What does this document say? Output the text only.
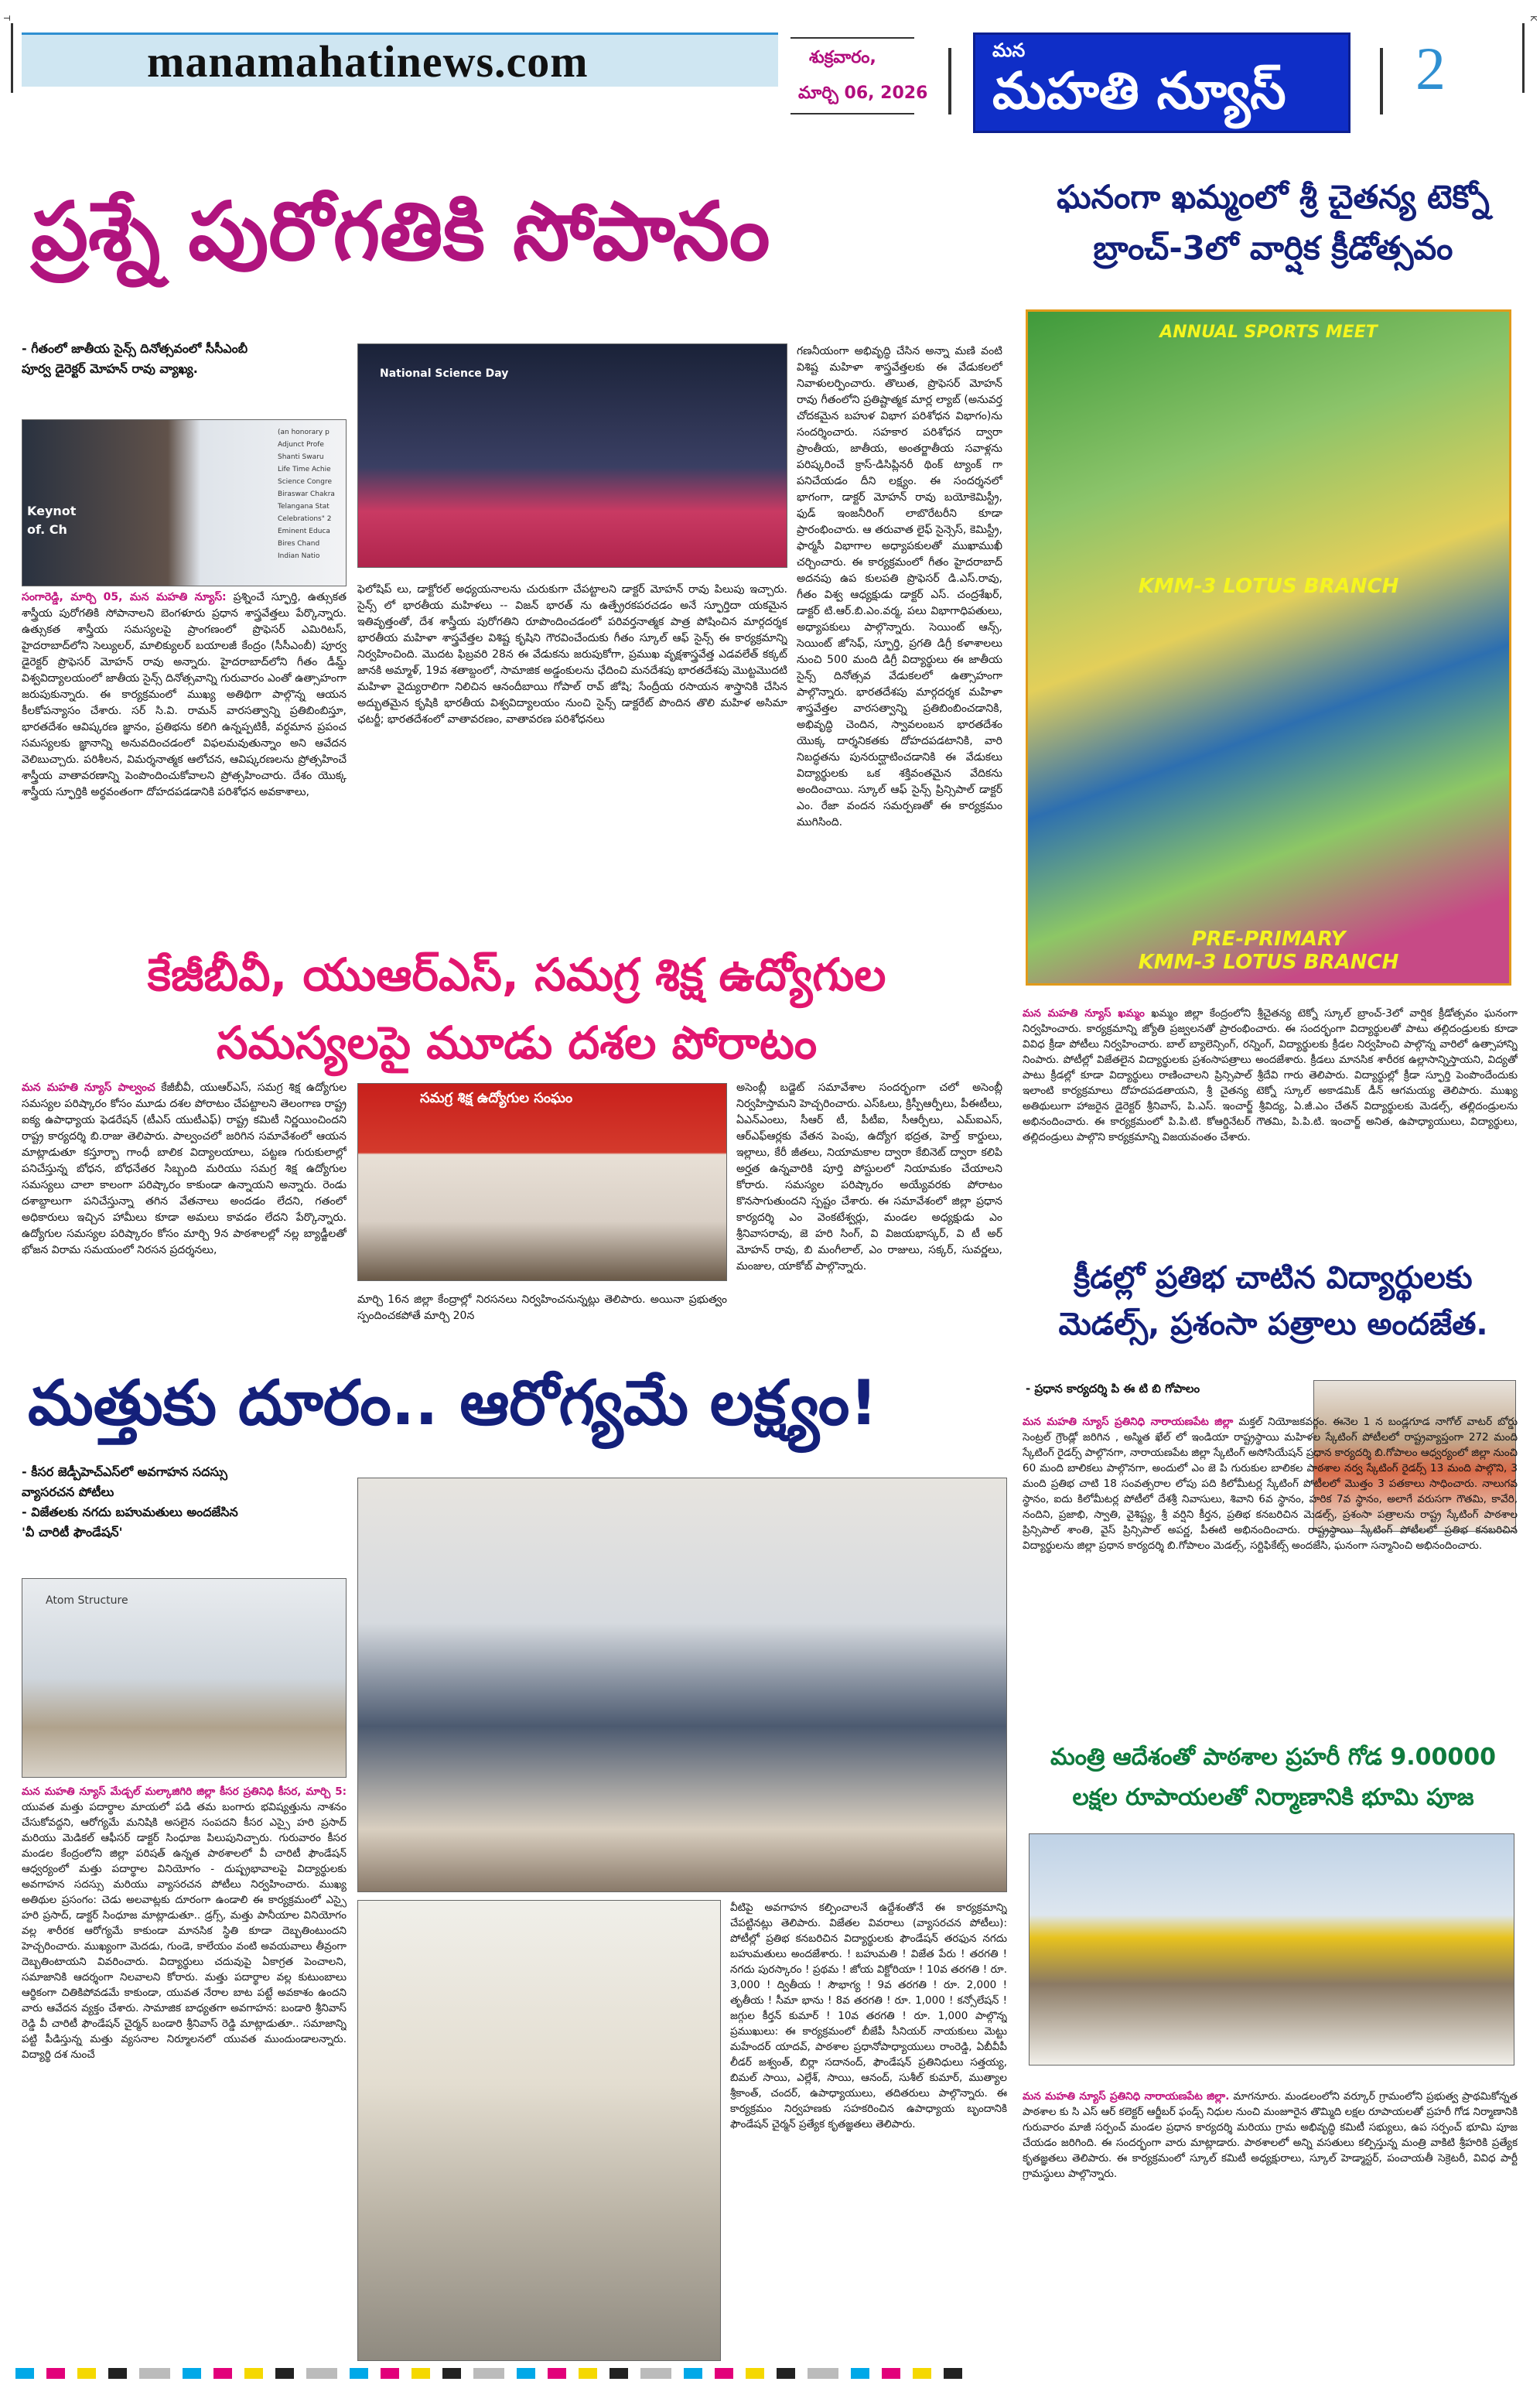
T	K
manamahatinews.com	శుక్రవారం,
మార్చి 06, 2026
మన
మహతి న్యూస్ 2
ప్రశ్నే పురోగతికి సోపానం
- గీతంలో జాతీయ సైన్స్ దినోత్సవంలో సీసీఎంబీ
పూర్వ డైరెక్టర్ మోహన్ రావు వ్యాఖ్య.
Keynot
of. Ch
(an honorary p
Adjunct Profe
Shanti Swaru
Life Time Achie
Science Congre
Biraswar Chakra
Telangana Stat
Celebrations" 2
Eminent Educa
Bires Chand
Indian Natio
సంగారెడ్డి, మార్చి 05, మన మహతి న్యూస్: ప్రశ్నించే స్ఫూర్తి, ఉత్సుకత శాస్త్రీయ పురోగతికి సోపానాలని బెంగళూరు ప్రధాన శాస్త్రవేత్తలు పేర్కొన్నారు. ఉత్సుకత శాస్త్రీయ సమస్యలపై ప్రాంగణంలో ప్రొఫెసర్ ఎమిరిటస్, హైదరాబాద్‌లోని సెల్యులర్, మాలిక్యులర్ బయాలజీ కేంద్రం (సీసీఎంబీ) పూర్వ డైరెక్టర్ ప్రొఫెసర్ మోహన్ రావు అన్నారు. హైదరాబాద్‌లోని గీతం డీమ్డ్ విశ్వవిద్యాలయంలో జాతీయ సైన్స్ దినోత్సవాన్ని గురువారం ఎంతో ఉత్సాహంగా జరుపుకున్నారు. ఈ కార్యక్రమంలో ముఖ్య అతిథిగా పాల్గొన్న ఆయన కీలకోపన్యాసం చేశారు. సర్ సి.వి. రామన్ వారసత్వాన్ని ప్రతిబింబిస్తూ, భారతదేశం ఆవిష్కరణ జ్ఞానం, ప్రతిభను కలిగి ఉన్నప్పటికీ, వర్ధమాన ప్రపంచ సమస్యలకు జ్ఞానాన్ని అనువదించడంలో విఫలమవుతున్నాం అని ఆవేదన వెలిబుచ్చారు. పరిశీలన, విమర్శనాత్మక ఆలోచన, ఆవిష్కరణలను ప్రోత్సహించే శాస్త్రీయ వాతావరణాన్ని పెంపొందించుకోవాలని ప్రోత్సహించారు. దేశం యొక్క శాస్త్రీయ స్ఫూర్తికి అర్థవంతంగా దోహదపడడానికి పరిశోధన అవకాశాలు,
National Science Day
ఫెలోషిప్ లు, డాక్టోరల్ అధ్యయనాలను చురుకుగా చేపట్టాలని డాక్టర్ మోహన్ రావు పిలుపు ఇచ్చారు. సైన్స్ లో భారతీయ మహిళలు -- విజన్ భారత్ ను ఉత్ప్రేరకపరచడం అనే స్ఫూర్తిదా యకమైన ఇతివృత్తంతో, దేశ శాస్త్రీయ పురోగతిని రూపొందించడంలో పరివర్తనాత్మక పాత్ర పోషించిన మార్గదర్శక భారతీయ మహిళా శాస్త్రవేత్తల విశిష్ట కృషిని గౌరవించేందుకు గీతం స్కూల్ ఆఫ్ సైన్స్ ఈ కార్యక్రమాన్ని నిర్వహించింది. మొదట ఫిబ్రవరి 28న ఈ వేడుకను జరుపుకోగా, ప్రముఖ వృక్షశాస్త్రవేత్త ఎడవలేత్ కక్కట్ జానకి అమ్మాళ్, 19వ శతాబ్దంలో, సామాజిక అడ్డంకులను ఛేదించి మనదేశపు భారతదేశపు మొట్టమొదటి మహిళా వైద్యురాలిగా నిలిచిన ఆనందీబాయి గోపాల్ రావ్ జోషి; సేంద్రీయ రసాయన శాస్త్రానికి చేసిన అద్భుతమైన కృషికి భారతీయ విశ్వవిద్యాలయం నుంచి సైన్స్ డాక్టరేట్ పొందిన తొలి మహిళ అసిమా ఛటర్జీ; భారతదేశంలో వాతావరణం, వాతావరణ పరిశోధనలు
గణనీయంగా అభివృద్ధి చేసిన అన్నా మణి వంటి విశిష్ట మహిళా శాస్త్రవేత్తలకు ఈ వేడుకలలో నివాళులర్పించారు. తొలుత, ప్రొఫెసర్ మోహన్ రావు గీతంలోని ప్రతిష్టాత్మక మార్ల ల్యాబ్ (అనువర్త చోదకమైన బహుళ విభాగ పరిశోధన విభాగం)ను సందర్శించారు. సహకార పరిశోధన ద్వారా ప్రాంతీయ, జాతీయ, అంతర్జాతీయ సవాళ్లను పరిష్కరించే క్రాస్-డిసిప్లినరీ థింక్ ట్యాంక్ గా పనిచేయడం దీని లక్ష్యం. ఈ సందర్శనలో భాగంగా, డాక్టర్ మోహన్ రావు బయోకెమిస్ట్రీ, ఫుడ్ ఇంజనీరింగ్ లాబొరేటరీని కూడా ప్రారంభించారు. ఆ తరువాత లైఫ్ సైన్సెస్, కెమిస్ట్రీ, ఫార్మసీ విభాగాల అధ్యాపకులతో ముఖాముఖీ చర్చించారు. ఈ కార్యక్రమంలో గీతం హైదరాబాద్ అదనపు ఉప కులపతి ప్రొఫెసర్ డి.ఎస్.రావు, గీతం విశ్వ ఆధ్యక్షుడు డాక్టర్ ఎస్. చంద్రశేఖర్, డాక్టర్ టి.ఆర్.బి.ఎం.వర్మ, పలు విభాగాధిపతులు, అధ్యాపకులు పాల్గొన్నారు. సెయింట్ ఆన్స్, సెయింట్ జోసెఫ్, స్ఫూర్తి, ప్రగతి డిగ్రీ కళాశాలలు నుంచి 500 మంది డిగ్రీ విద్యార్థులు ఈ జాతీయ సైన్స్ దినోత్సవ వేడుకలలో ఉత్సాహంగా పాల్గొన్నారు. భారతదేశపు మార్గదర్శక మహిళా శాస్త్రవేత్తల వారసత్వాన్ని ప్రతిబింబించడానికి, అభివృద్ధి చెందిన, స్వావలంబన భారతదేశం యొక్క దార్శనికతకు దోహదపడటానికి, వారి నిబద్ధతను పునరుద్ఘాటించడానికి ఈ వేడుకలు విద్యార్థులకు ఒక శక్తివంతమైన వేదికను అందించాయి. స్కూల్ ఆఫ్ సైన్స్ ప్రిన్సిపాల్ డాక్టర్ ఎం. రేజా వందన సమర్పణతో ఈ కార్యక్రమం ముగిసింది.
ఘనంగా ఖమ్మంలో శ్రీ చైతన్య టెక్నో
బ్రాంచ్-3లో వార్షిక క్రీడోత్సవం
ANNUAL SPORTS MEET
KMM-3 LOTUS BRANCH
PRE-PRIMARY
KMM-3 LOTUS BRANCH
మన మహతి న్యూస్ ఖమ్మం ఖమ్మం జిల్లా కేంద్రంలోని శ్రీచైతన్య టెక్నో స్కూల్ బ్రాంచ్-3లో వార్షిక క్రీడోత్సవం ఘనంగా నిర్వహించారు. కార్యక్రమాన్ని జ్యోతి ప్రజ్వలనతో ప్రారంభించారు. ఈ సందర్భంగా విద్యార్థులతో పాటు తల్లిదండ్రులకు కూడా వివిధ క్రీడా పోటీలు నిర్వహించారు. బాల్ బ్యాలెన్సింగ్, రన్నింగ్, విద్యార్థులకు క్రీడల నిర్వహించి పాల్గొన్న వారిలో ఉత్సాహాన్ని నింపారు. పోటీల్లో విజేతలైన విద్యార్థులకు ప్రశంసాపత్రాలు అందజేశారు. క్రీడలు మానసిక శారీరక ఉల్లాసాన్నిస్తాయని, విద్యతో పాటు క్రీడల్లో కూడా విద్యార్థులు రాణించాలని ప్రిన్సిపాల్ శ్రీదేవి గారు తెలిపారు. విద్యార్థుల్లో క్రీడా స్ఫూర్తి పెంపొందేందుకు ఇలాంటి కార్యక్రమాలు దోహదపడతాయని, శ్రీ చైతన్య టెక్నో స్కూల్ అకాడమిక్ డీన్ ఆగమయ్య తెలిపారు. ముఖ్య అతిథులుగా హాజరైన డైరెక్టర్ శ్రీనివాస్, పి.ఎస్. ఇంచార్జ్ శ్రీవిద్య, ఏ.జీ.ఎం చేతన్ విద్యార్థులకు మెడల్స్, తల్లిదండ్రులను అభినందించారు. ఈ కార్యక్రమంలో పి.పి.టి. కోఆర్డినేటర్ గౌతమి, పి.పి.టి. ఇంచార్జ్ అనిత, ఉపాధ్యాయులు, విద్యార్థులు, తల్లిదండ్రులు పాల్గొని కార్యక్రమాన్ని విజయవంతం చేశారు.
క్రీడల్లో ప్రతిభ చాటిన విద్యార్థులకు
మెడల్స్, ప్రశంసా పత్రాలు అందజేత.
కేజీబీవీ, యుఆర్ఎస్, సమగ్ర శిక్ష ఉద్యోగుల
సమస్యలపై మూడు దశల పోరాటం
మన మహతి న్యూస్ పాల్వంచ కేజీబీవీ, యుఆర్ఎస్, సమగ్ర శిక్ష ఉద్యోగుల సమస్యల పరిష్కారం కోసం మూడు దశల పోరాటం చేపట్టాలని తెలంగాణ రాష్ట్ర ఐక్య ఉపాధ్యాయ ఫెడరేషన్ (టీఎస్ యుటీఎఫ్) రాష్ట్ర కమిటీ నిర్ణయించిందని రాష్ట్ర కార్యదర్శి బి.రాజు తెలిపారు. పాల్వంచలో జరిగిన సమావేశంలో ఆయన మాట్లాడుతూ కస్తూర్బా గాంధీ బాలిక విద్యాలయాలు, పట్టణ గురుకులాల్లో పనిచేస్తున్న బోధన, బోధనేతర సిబ్బంది మరియు సమగ్ర శిక్ష ఉద్యోగుల సమస్యలు చాలా కాలంగా పరిష్కారం కాకుండా ఉన్నాయని అన్నారు. రెండు దశాబ్దాలుగా పనిచేస్తున్నా తగిన వేతనాలు అందడం లేదని, గతంలో అధికారులు ఇచ్చిన హామీలు కూడా అమలు కావడం లేదని పేర్కొన్నారు. ఉద్యోగుల సమస్యల పరిష్కారం కోసం మార్చి 9న పాఠశాలల్లో నల్ల బ్యాడ్జీలతో భోజన విరామ సమయంలో నిరసన ప్రదర్శనలు,
సమగ్ర శిక్ష ఉద్యోగుల సంఘం
మార్చి 16న జిల్లా కేంద్రాల్లో నిరసనలు నిర్వహించనున్నట్లు తెలిపారు. అయినా ప్రభుత్వం స్పందించకపోతే మార్చి 20న
అసెంబ్లీ బడ్జెట్ సమావేశాల సందర్భంగా చలో అసెంబ్లీ నిర్వహిస్తామని హెచ్చరించారు. ఎస్ఓలు, క్రిస్పీఆర్పీలు, పీఈటీలు, ఏఎన్ఎంలు, సీఆర్ టీ, పీటీఐ, సీఆర్పీలు, ఎమ్ఐఎస్, ఆర్ఎఫ్ఆర్లకు వేతన పెంపు, ఉద్యోగ భద్రత, హెల్త్ కార్డులు, ఇల్లాలు, కేరీ జీతలు, నియామకాల ద్వారా కేబినెట్ ద్వారా కలిపి అర్హత ఉన్నవారికి పూర్తి పోస్టులలో నియామకం చేయాలని కోరారు. సమస్యల పరిష్కారం అయ్యేవరకు పోరాటం కొనసాగుతుందని స్పష్టం చేశారు. ఈ సమావేశంలో జిల్లా ప్రధాన కార్యదర్శి ఎం వెంకటేశ్వర్లు, మండల అధ్యక్షుడు ఎం శ్రీనివాసరావు, జె హరి సింగ్, వి విజయభాస్కర్, వి టీ అర్ మోహన్ రావు, బి మంగీలాల్, ఎం రాజులు, సక్కర్, సువర్ణలు, మంజుల, యాకోబ్ పాల్గొన్నారు.
మత్తుకు దూరం.. ఆరోగ్యమే లక్ష్యం!
- కీసర జెడ్పీహెచ్ఎస్‌లో అవగాహన సదస్సు
వ్యాసరచన పోటీలు
- విజేతలకు నగదు బహుమతులు అందజేసిన
'వీ చారిటీ ఫౌండేషన్'
Atom Structure
మన మహతి న్యూస్ మేడ్చల్ మల్కాజిగిరి జిల్లా కీసర ప్రతినిధి కీసర, మార్చి 5: యువత మత్తు పదార్థాల మాయలో పడి తమ బంగారు భవిష్యత్తును నాశనం చేసుకోవద్దని, ఆరోగ్యమే మనిషికి అసలైన సంపదని కీసర ఎస్సై హరి ప్రసాద్ మరియు మెడికల్ ఆఫీసర్ డాక్టర్ సింధూజ పిలుపునిచ్చారు. గురువారం కీసర మండల కేంద్రంలోని జిల్లా పరిషత్ ఉన్నత పాఠశాలలో వీ చారిటీ ఫౌండేషన్ ఆధ్వర్యంలో మత్తు పదార్థాల వినియోగం - దుష్ప్రభావాలపై విద్యార్థులకు అవగాహన సదస్సు మరియు వ్యాసరచన పోటీలు నిర్వహించారు. ముఖ్య అతిథుల ప్రసంగం: చెడు అలవాట్లకు దూరంగా ఉండాలి ఈ కార్యక్రమంలో ఎస్సై హరి ప్రసాద్, డాక్టర్ సింధూజ మాట్లాడుతూ.. డ్రగ్స్, మత్తు పానీయాల వినియోగం వల్ల శారీరక ఆరోగ్యమే కాకుండా మానసిక స్థితి కూడా దెబ్బతింటుందని హెచ్చరించారు. ముఖ్యంగా మెదడు, గుండె, కాలేయం వంటి అవయవాలు తీవ్రంగా దెబ్బతింటాయని వివరించారు. విద్యార్థులు చదువుపై ఏకాగ్రత పెంచాలని, సమాజానికి ఆదర్శంగా నిలవాలని కోరారు. మత్తు పదార్థాల వల్ల కుటుంబాలు ఆర్థికంగా చితికిపోవడమే కాకుండా, యువత నేరాల బాట పట్టే అవకాశం ఉందని వారు ఆవేదన వ్యక్తం చేశారు. సామాజిక బాధ్యతగా అవగాహన: బండారి శ్రీనివాస్ రెడ్డి వీ చారిటీ ఫౌండేషన్ చైర్మన్ బండారి శ్రీనివాస్ రెడ్డి మాట్లాడుతూ.. సమాజాన్ని పట్టి పీడిస్తున్న మత్తు వ్యసనాల నిర్మూలనలో యువత ముందుండాలన్నారు. విద్యార్థి దశ నుంచే
వీటిపై అవగాహన కల్పించాలనే ఉద్దేశంతోనే ఈ కార్యక్రమాన్ని చేపట్టినట్లు తెలిపారు. విజేతల వివరాలు (వ్యాసరచన పోటీలు): పోటీల్లో ప్రతిభ కనబరిచిన విద్యార్థులకు ఫౌండేషన్ తరఫున నగదు బహుమతులు అందజేశారు. ! బహుమతి ! విజేత పేరు ! తరగతి ! నగదు పురస్కారం ! ప్రథమ ! జోయ విక్టోరియా ! 10వ తరగతి ! రూ. 3,000 ! ద్వితీయ ! సౌభాగ్య ! 9వ తరగతి ! రూ. 2,000 ! తృతీయ ! సీమా భాను ! 8వ తరగతి ! రూ. 1,000 ! కన్సోలేషన్ ! జగ్గుల కీర్తన్ కుమార్ ! 10వ తరగతి ! రూ. 1,000 పాల్గొన్న ప్రముఖులు: ఈ కార్యక్రమంలో బీజేపీ సీనియర్ నాయకులు మెట్టు మహేందర్ యాదవ్, పాఠశాల ప్రధానోపాధ్యాయులు రాంరెడ్డి, ఏబీవీపీ లీడర్ జశ్వంత్, బిర్లా సదానంద్, ఫౌండేషన్ ప్రతినిధులు సత్తయ్య, బిమల్ సాయి, ఎల్లేశ్, సాయి, ఆనంద్, సుశీల్ కుమార్, ముత్యాల శ్రీకాంత్, చందర్, ఉపాధ్యాయులు, తదితరులు పాల్గొన్నారు. ఈ కార్యక్రమం నిర్వహణకు సహకరించిన ఉపాధ్యాయ బృందానికి ఫౌండేషన్ చైర్మన్ ప్రత్యేక కృతజ్ఞతలు తెలిపారు.
- ప్రధాన కార్యదర్శి పి ఈ టి బి గోపాలం
మన మహతి న్యూస్ ప్రతినిధి నారాయణపేట జిల్లా మక్తల్ నియోజకవర్గం. ఈనెల 1 న బండ్లగూడ నాగోల్ వాటర్ బోర్డు సెంట్రల్ గ్రౌండ్లో జరిగిన , అస్మిత ఖేల్ లో ఇండియా రాష్ట్రస్థాయి మహిళల స్కేటింగ్ పోటీలలో రాష్ట్రవ్యాప్తంగా 272 మంది స్కేటింగ్ రైడర్స్ పాల్గొనగా, నారాయణపేట జిల్లా స్కేటింగ్ అసోసియేషన్ ప్రధాన కార్యదర్శి బి.గోపాలం ఆధ్వర్యంలో జిల్లా నుంచి 60 మంది బాలికలు పాల్గొనగా, అందులో ఎం జె పి గురుకుల బాలికల పాఠశాల నర్వ స్కేటింగ్ రైడర్స్ 13 మంది పాల్గొని, 3 మంది ప్రతిభ చాటి 18 సంవత్సరాల లోపు పది కిలోమీటర్ల స్కేటింగ్ పోటీలలో మొత్తం 3 పతకాలు సాధించారు. నాలుగవ స్థానం, ఐదు కిలోమీటర్ల పోటీలో దేశశ్రీ నివాసులు, శివాని 6వ స్థానం, హరిక 7వ స్థానం, అలాగే వరుసగా గౌతమి, కావేరి, నందిని, ప్రజాభి, స్వాతి, వైశిష్ట్య, శ్రీ వర్షిని కీర్తన, ప్రతిభ కనబరిచిన మెడల్స్, ప్రశంసా పత్రాలను రాష్ట్ర స్కేటింగ్ పాఠశాల ప్రిన్సిపాల్ శాంతి, వైస్ ప్రిన్సిపాల్ అపర్ణ, పీఈటి అభినందించారు. రాష్ట్రస్థాయి స్కేటింగ్ పోటీలలో ప్రతిభ కనబరిచిన విద్యార్థులను జిల్లా ప్రధాన కార్యదర్శి బి.గోపాలం మెడల్స్, సర్టిఫికేట్స్ అందజేసి, ఘనంగా సన్మానించి అభినందించారు.
మంత్రి ఆదేశంతో పాఠశాల ప్రహరీ గోడ 9.00000
లక్షల రూపాయలతో నిర్మాణానికి భూమి పూజ
మన మహతి న్యూస్ ప్రతినిధి నారాయణపేట జిల్లా. మాగనూరు. మండలంలోని వర్కూర్ గ్రామంలోని ప్రభుత్వ ప్రాథమికోన్నత పాఠశాల కు సి ఎస్ ఆర్ కలెక్టర్ ఆర్జీబర్ ఫండ్స్ నిధుల నుంచి మంజూరైన తొమ్మిది లక్షల రూపాయలతో ప్రహరీ గోడ నిర్మాణానికి గురువారం మాజీ సర్పంచ్ మండల ప్రధాన కార్యదర్శి మరియు గ్రామ అభివృద్ధి కమిటీ సభ్యులు, ఉప సర్పంచ్ భూమి పూజ చేయడం జరిగింది. ఈ సందర్భంగా వారు మాట్లాడారు. పాఠశాలలో అన్ని వసతులు కల్పిస్తున్న మంత్రి వాకిటి శ్రీహరికి ప్రత్యేక కృతజ్ఞతలు తెలిపారు. ఈ కార్యక్రమంలో స్కూల్ కమిటీ అధ్యక్షురాలు, స్కూల్ హెడ్మాస్టర్, పంచాయతీ సెక్రెటరీ, వివిధ పార్టీ గ్రామస్థులు పాల్గొన్నారు.
